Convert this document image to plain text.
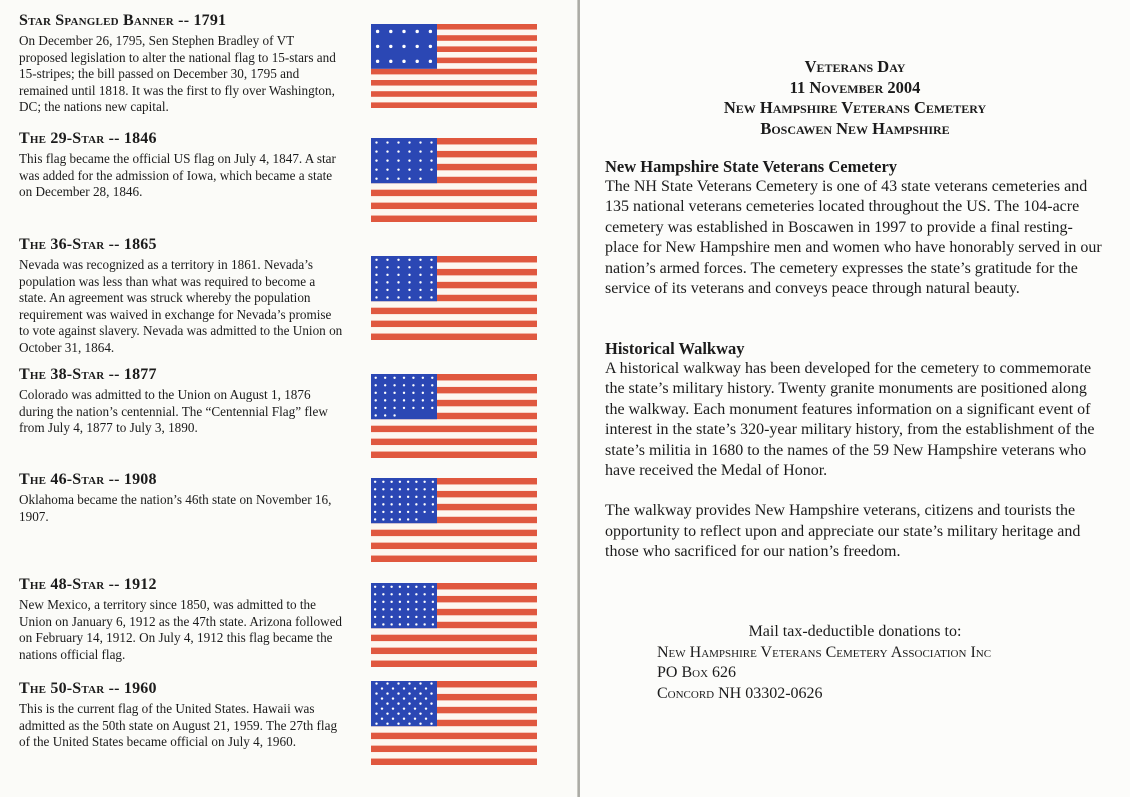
Star Spangled Banner -- 1791

On December 26, 1795, Sen Stephen Bradley of VT proposed legislation to alter the national flag to 15-stars and 15-stripes; the bill passed on December 30, 1795 and remained until 1818. It was the first to fly over Washington, DC; the nations new capital.

The 29-Star -- 1846

This flag became the official US flag on July 4, 1847. A star was added for the admission of Iowa, which became a state on December 28, 1846.

The 36-Star -- 1865

Nevada was recognized as a territory in 1861. Nevada’s population was less than what was required to become a state. An agreement was struck whereby the population requirement was waived in exchange for Nevada’s promise to vote against slavery. Nevada was admitted to the Union on October 31, 1864.

The 38-Star -- 1877

Colorado was admitted to the Union on August 1, 1876 during the nation’s centennial. The “Centennial Flag” flew from July 4, 1877 to July 3, 1890.

The 46-Star -- 1908

Oklahoma became the nation’s 46th state on November 16, 1907.

The 48-Star -- 1912

New Mexico, a territory since 1850, was admitted to the Union on January 6, 1912 as the 47th state. Arizona followed on February 14, 1912. On July 4, 1912 this flag became the nations official flag.

The 50-Star -- 1960

This is the current flag of the United States. Hawaii was admitted as the 50th state on August 21, 1959. The 27th flag of the United States became official on July 4, 1960.

Veterans Day

11 November 2004

New Hampshire Veterans Cemetery

Boscawen New Hampshire

New Hampshire State Veterans Cemetery

The NH State Veterans Cemetery is one of 43 state veterans cemeteries and 135 national veterans cemeteries located throughout the US. The 104-acre cemetery was established in Boscawen in 1997 to provide a final resting-place for New Hampshire men and women who have honorably served in our nation’s armed forces. The cemetery expresses the state’s gratitude for the service of its veterans and conveys peace through natural beauty.

Historical Walkway

A historical walkway has been developed for the cemetery to commemorate the state’s military history. Twenty granite monuments are positioned along the walkway. Each monument features information on a significant event of interest in the state’s 320-year military history, from the establishment of the state’s militia in 1680 to the names of the 59 New Hampshire veterans who have received the Medal of Honor.

The walkway provides New Hampshire veterans, citizens and tourists the opportunity to reflect upon and appreciate our state’s military heritage and those who sacrificed for our nation’s freedom.

Mail tax-deductible donations to:
New Hampshire Veterans Cemetery Association Inc
PO Box 626
Concord NH 03302-0626
